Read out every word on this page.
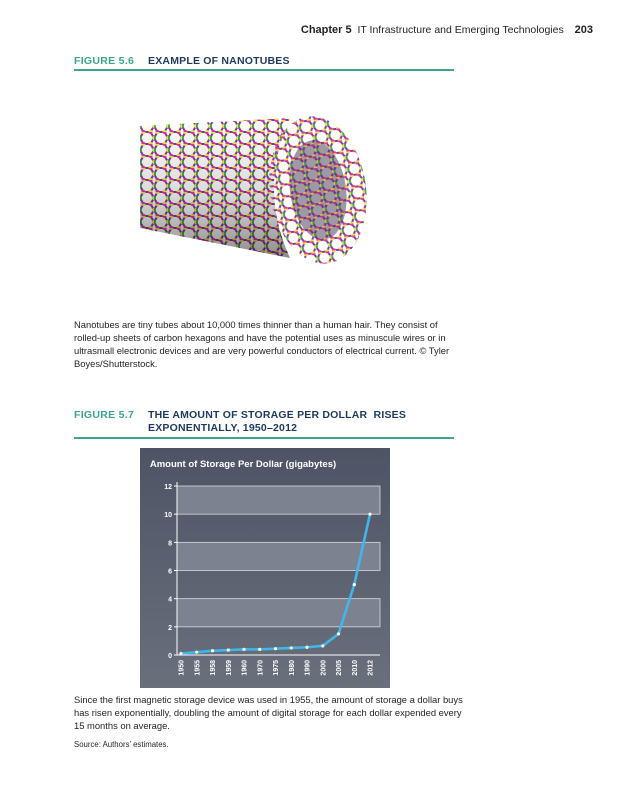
Chapter 5 IT Infrastructure and Emerging Technologies 203
FIGURE 5.6 EXAMPLE OF NANOTUBES
Nanotubes are tiny tubes about 10,000 times thinner than a human hair. They consist of rolled-up sheets of carbon hexagons and have the potential uses as minuscule wires or in ultrasmall electronic devices and are very powerful conductors of electrical current. © Tyler Boyes/Shutterstock.
FIGURE 5.7 THE AMOUNT OF STORAGE PER DOLLAR  RISES
EXPONENTIALLY, 1950–2012
Amount of Storage Per Dollar (gigabytes)
0
2
4
6
8
10
12
1950 1955 1958 1959 1960 1970 1975 1980 1990 2000 2005 2010 2012
Since the first magnetic storage device was used in 1955, the amount of storage a dollar buys has risen exponentially, doubling the amount of digital storage for each dollar expended every 15 months on average.
Source: Authors’ estimates.
